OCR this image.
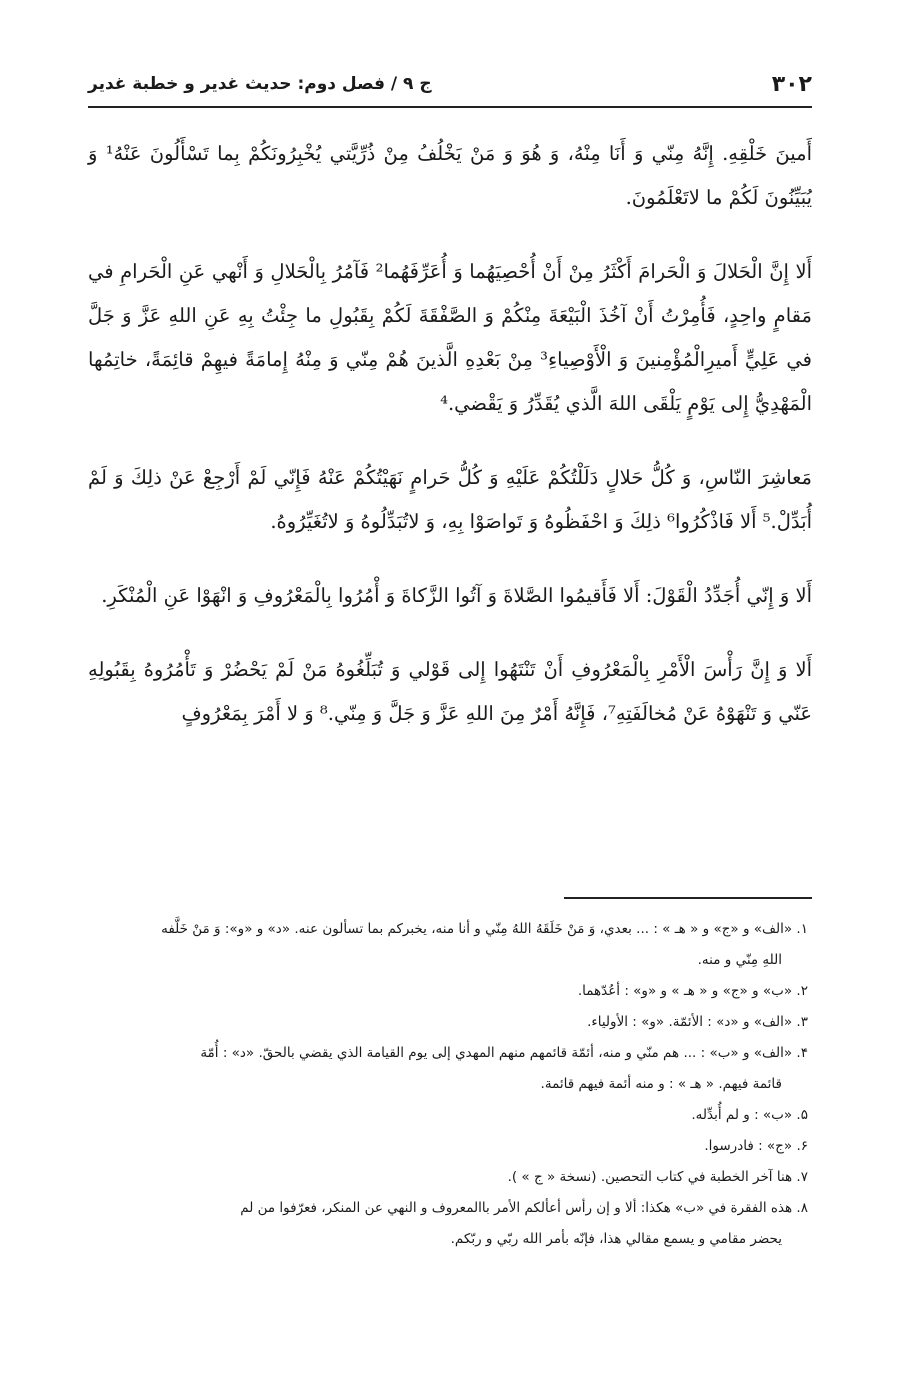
۳۰۲
ج ۹ / فصل دوم: حديث غدير و خطبة غدير

أَمينَ خَلْقِهِ. إِنَّهُ مِنّي وَ أَنَا مِنْهُ، وَ هُوَ وَ مَنْ يَخْلُفُ مِنْ ذُرِّيَّتي يُخْبِرُونَكُمْ بِما تَسْأَلُونَ عَنْهُ¹ وَ يُبَيِّنُونَ لَكُمْ ما لاتَعْلَمُونَ.

أَلا إِنَّ الْحَلالَ وَ الْحَرامَ أَكْثَرُ مِنْ أَنْ أُحْصِيَهُما وَ أُعَرِّفَهُما² فَآمُرُ بِالْحَلالِ وَ أَنْهي عَنِ الْحَرامِ في مَقامٍ واحِدٍ، فَأُمِرْتُ أَنْ آخُذَ الْبَيْعَةَ مِنْكُمْ وَ الصَّفْقَةَ لَكُمْ بِقَبُولِ ما جِئْتُ بِهِ عَنِ اللهِ عَزَّ وَ جَلَّ في عَلِيٍّ أَميرِالْمُؤْمِنينَ وَ الْأَوْصِياءِ³ مِنْ بَعْدِهِ الَّذينَ هُمْ مِنّي وَ مِنْهُ إِمامَةً فيهِمْ قائِمَةً، خاتِمُها الْمَهْدِيُّ إِلى يَوْمٍ يَلْقَى اللهَ الَّذي يُقَدِّرُ وَ يَقْضي.⁴

مَعاشِرَ النّاسِ، وَ كُلُّ حَلالٍ دَلَلْتُكُمْ عَلَيْهِ وَ كُلُّ حَرامٍ نَهَيْتُكُمْ عَنْهُ فَإِنّي لَمْ أَرْجِعْ عَنْ ذلِكَ وَ لَمْ أُبَدِّلْ.⁵ أَلا فَاذْكُرُوا⁶ ذلِكَ وَ احْفَظُوهُ وَ تَواصَوْا بِهِ، وَ لاتُبَدِّلُوهُ وَ لاتُغَيِّرُوهُ.

أَلا وَ إِنّي أُجَدِّدُ الْقَوْلَ: أَلا فَأَقيمُوا الصَّلاةَ وَ آتُوا الزَّكاةَ وَ أْمُرُوا بِالْمَعْرُوفِ وَ انْهَوْا عَنِ الْمُنْكَرِ.

أَلا وَ إِنَّ رَأْسَ الْأَمْرِ بِالْمَعْرُوفِ أَنْ تَنْتَهُوا إِلى قَوْلي وَ تُبَلِّغُوهُ مَنْ لَمْ يَحْضُرْ وَ تَأْمُرُوهُ بِقَبُولِهِ عَنّي وَ تَنْهَوْهُ عَنْ مُخالَفَتِهِ⁷، فَإِنَّهُ أَمْرٌ مِنَ اللهِ عَزَّ وَ جَلَّ وَ مِنّي.⁸ وَ لا أَمْرَ بِمَعْرُوفٍ

۱. «الف» و «ج» و « هـ » : ... بعدي، وَ مَنْ خَلَقَهُ اللهُ مِنّي و أنا منه، يخبركم بما تسألون عنه. «د» و «و»: وَ مَنْ خَلَّفه

اللهِ مِنّي و منه.

۲. «ب» و «ج» و « هـ » و «و» : أعُدّهما.

۳. «الف» و «د» : الأئمّة. «و» : الأولياء.

۴. «الف» و «ب» : ... هم منّي و منه، أئمّة قائمهم منهم المهدي إلى يوم القيامة الذي يقضي بالحقّ. «د» : أُمّة

قائمة فيهم. « هـ » : و منه أئمة فيهم قائمة.

۵. «ب» : و لم أُبدِّله.

۶. «ج» : فادرسوا.

۷. هنا آخر الخطبة في كتاب التحصين. (نسخة « ج » ).

۸. هذه الفقرة في «ب» هكذا: ألا و إن رأس أعألكم الأمر باالمعروف و النهي عن المنكر، فعرّفوا من لم

يحضر مقامي و يسمع مقالي هذا، فإنّه بأمر الله ربّي و ربّكم.
